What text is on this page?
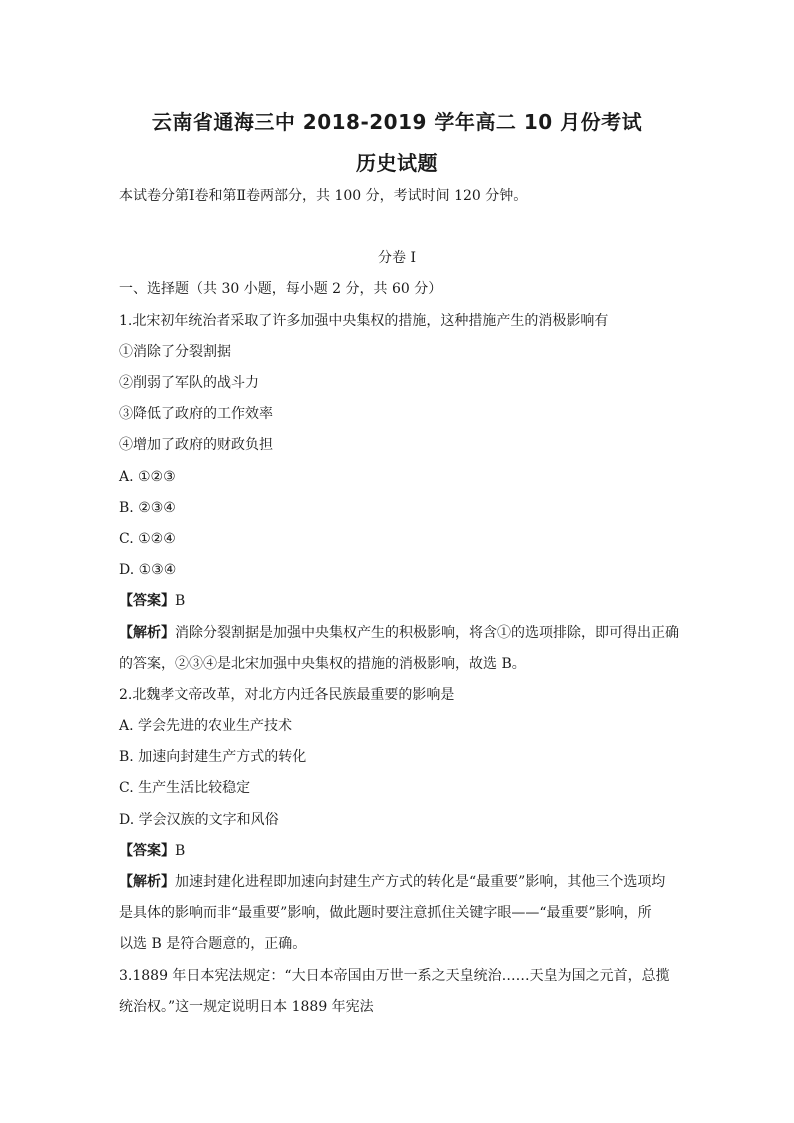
云南省通海三中 2018-2019 学年高二 10 月份考试
历史试题
本试卷分第Ⅰ卷和第Ⅱ卷两部分，共 100 分，考试时间 120 分钟。
分卷 I
一、选择题（共 30 小题，每小题 2 分，共 60 分）
1.北宋初年统治者采取了许多加强中央集权的措施，这种措施产生的消极影响有
①消除了分裂割据
②削弱了军队的战斗力
③降低了政府的工作效率
④增加了政府的财政负担
A. ①②③
B. ②③④
C. ①②④
D. ①③④
【答案】B
【解析】消除分裂割据是加强中央集权产生的积极影响，将含①的选项排除，即可得出正确
的答案，②③④是北宋加强中央集权的措施的消极影响，故选 B。
2.北魏孝文帝改革，对北方内迁各民族最重要的影响是
A. 学会先进的农业生产技术
B. 加速向封建生产方式的转化
C. 生产生活比较稳定
D. 学会汉族的文字和风俗
【答案】B
【解析】加速封建化进程即加速向封建生产方式的转化是“最重要”影响，其他三个选项均
是具体的影响而非“最重要”影响，做此题时要注意抓住关键字眼——“最重要”影响，所
以选 B 是符合题意的，正确。
3.1889 年日本宪法规定：“大日本帝国由万世一系之天皇统治……天皇为国之元首，总揽
统治权。”这一规定说明日本 1889 年宪法
